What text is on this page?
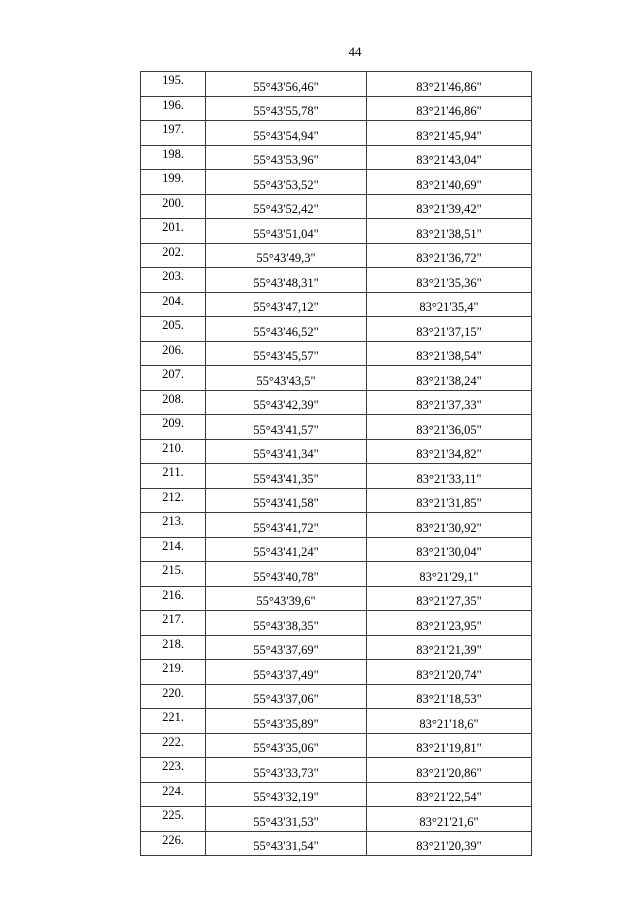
44
195.	55°43'56,46"	83°21'46,86"
196.	55°43'55,78"	83°21'46,86"
197.	55°43'54,94"	83°21'45,94"
198.	55°43'53,96"	83°21'43,04"
199.	55°43'53,52"	83°21'40,69"
200.	55°43'52,42"	83°21'39,42"
201.	55°43'51,04"	83°21'38,51"
202.	55°43'49,3"	83°21'36,72"
203.	55°43'48,31"	83°21'35,36"
204.	55°43'47,12"	83°21'35,4"
205.	55°43'46,52"	83°21'37,15"
206.	55°43'45,57"	83°21'38,54"
207.	55°43'43,5"	83°21'38,24"
208.	55°43'42,39"	83°21'37,33"
209.	55°43'41,57"	83°21'36,05"
210.	55°43'41,34"	83°21'34,82"
211.	55°43'41,35"	83°21'33,11"
212.	55°43'41,58"	83°21'31,85"
213.	55°43'41,72"	83°21'30,92"
214.	55°43'41,24"	83°21'30,04"
215.	55°43'40,78"	83°21'29,1"
216.	55°43'39,6"	83°21'27,35"
217.	55°43'38,35"	83°21'23,95"
218.	55°43'37,69"	83°21'21,39"
219.	55°43'37,49"	83°21'20,74"
220.	55°43'37,06"	83°21'18,53"
221.	55°43'35,89"	83°21'18,6"
222.	55°43'35,06"	83°21'19,81"
223.	55°43'33,73"	83°21'20,86"
224.	55°43'32,19"	83°21'22,54"
225.	55°43'31,53"	83°21'21,6"
226.	55°43'31,54"	83°21'20,39"
